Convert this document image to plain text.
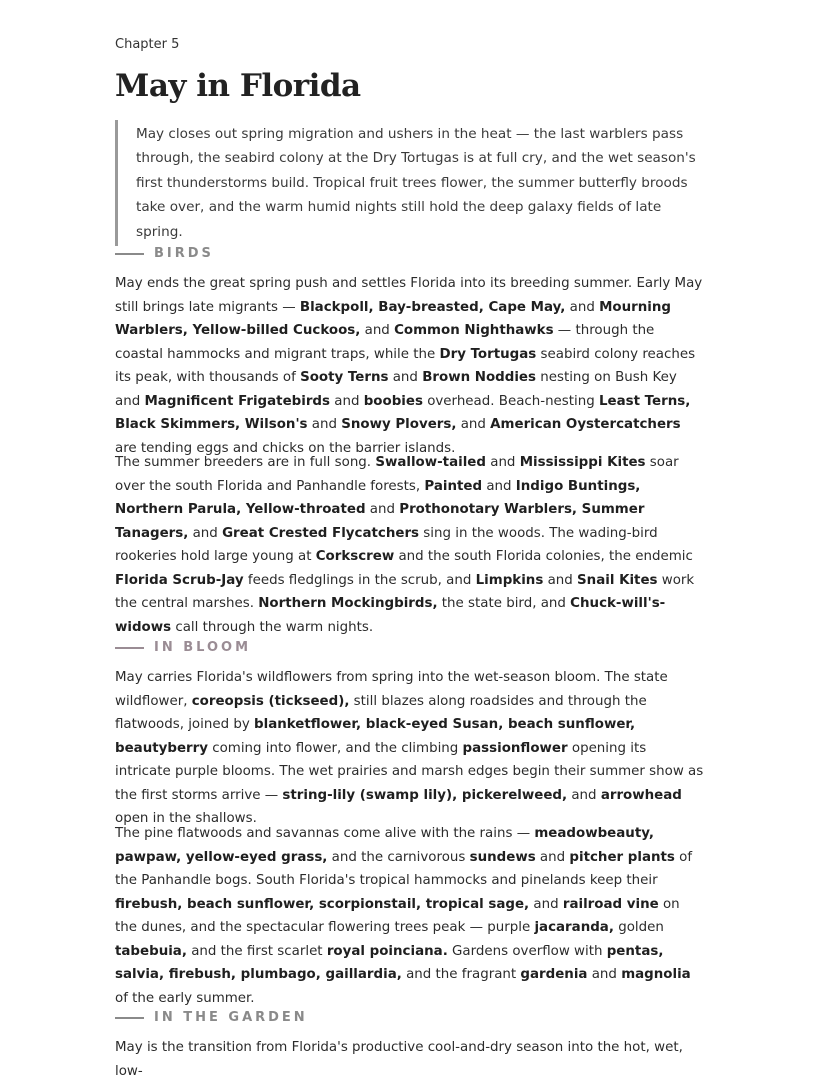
Chapter 5
May in Florida
May closes out spring migration and ushers in the heat — the last warblers pass through, the seabird colony at the Dry Tortugas is at full cry, and the wet season's first thunderstorms build. Tropical fruit trees flower, the summer butterfly broods take over, and the warm humid nights still hold the deep galaxy fields of late spring.
BIRDS

May ends the great spring push and settles Florida into its breeding summer. Early May still brings late migrants — Blackpoll, Bay-breasted, Cape May, and Mourning Warblers, Yellow-billed Cuckoos, and Common Nighthawks — through the coastal hammocks and migrant traps, while the Dry Tortugas seabird colony reaches its peak, with thousands of Sooty Terns and Brown Noddies nesting on Bush Key and Magnificent Frigatebirds and boobies overhead. Beach-nesting Least Terns, Black Skimmers, Wilson's and Snowy Plovers, and American Oystercatchers are tending eggs and chicks on the barrier islands.

The summer breeders are in full song. Swallow-tailed and Mississippi Kites soar over the south Florida and Panhandle forests, Painted and Indigo Buntings, Northern Parula, Yellow-throated and Prothonotary Warblers, Summer Tanagers, and Great Crested Flycatchers sing in the woods. The wading-bird rookeries hold large young at Corkscrew and the south Florida colonies, the endemic Florida Scrub-Jay feeds fledglings in the scrub, and Limpkins and Snail Kites work the central marshes. Northern Mockingbirds, the state bird, and Chuck-will's-widows call through the warm nights.

IN BLOOM

May carries Florida's wildflowers from spring into the wet-season bloom. The state wildflower, coreopsis (tickseed), still blazes along roadsides and through the flatwoods, joined by blanketflower, black-eyed Susan, beach sunflower, beautyberry coming into flower, and the climbing passionflower opening its intricate purple blooms. The wet prairies and marsh edges begin their summer show as the first storms arrive — string-lily (swamp lily), pickerelweed, and arrowhead open in the shallows.

The pine flatwoods and savannas come alive with the rains — meadowbeauty, pawpaw, yellow-eyed grass, and the carnivorous sundews and pitcher plants of the Panhandle bogs. South Florida's tropical hammocks and pinelands keep their firebush, beach sunflower, scorpionstail, tropical sage, and railroad vine on the dunes, and the spectacular flowering trees peak — purple jacaranda, golden tabebuia, and the first scarlet royal poinciana. Gardens overflow with pentas, salvia, firebush, plumbago, gaillardia, and the fragrant gardenia and magnolia of the early summer.

IN THE GARDEN

May is the transition from Florida's productive cool-and-dry season into the hot, wet, low-
